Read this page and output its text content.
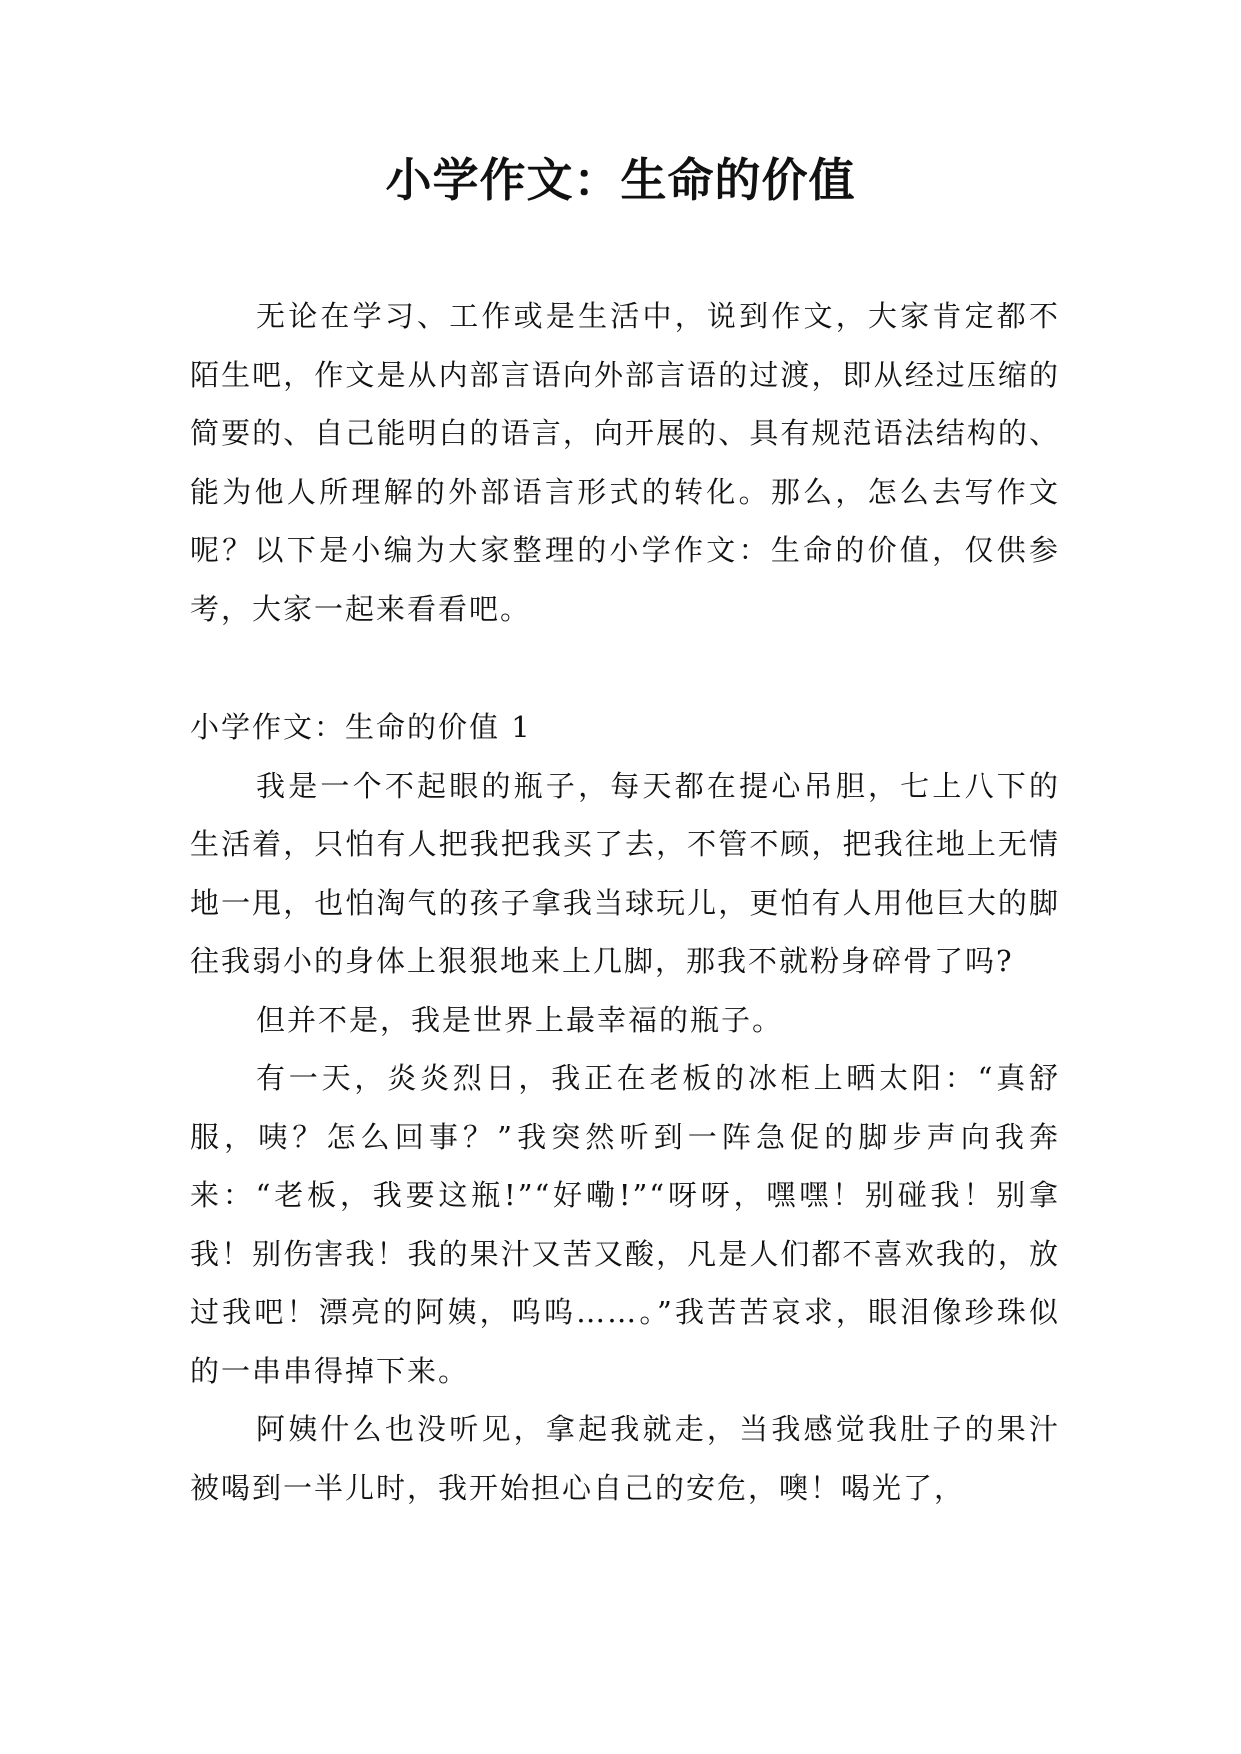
小学作文：生命的价值

无论在学习、工作或是生活中，说到作文，大家肯定都不陌生吧，作文是从内部言语向外部言语的过渡，即从经过压缩的简要的、自己能明白的语言，向开展的、具有规范语法结构的、能为他人所理解的外部语言形式的转化。那么，怎么去写作文呢？以下是小编为大家整理的小学作文：生命的价值，仅供参考，大家一起来看看吧。

小学作文：生命的价值 1

我是一个不起眼的瓶子，每天都在提心吊胆，七上八下的生活着，只怕有人把我把我买了去，不管不顾，把我往地上无情地一甩，也怕淘气的孩子拿我当球玩儿，更怕有人用他巨大的脚往我弱小的身体上狠狠地来上几脚，那我不就粉身碎骨了吗?

但并不是，我是世界上最幸福的瓶子。

有一天，炎炎烈日，我正在老板的冰柜上晒太阳：“真舒服，咦？怎么回事？”我突然听到一阵急促的脚步声向我奔来：“老板，我要这瓶!”“好嘞!”“呀呀，嘿嘿！别碰我！别拿我！别伤害我！我的果汁又苦又酸，凡是人们都不喜欢我的，放过我吧！漂亮的阿姨，呜呜……。”我苦苦哀求，眼泪像珍珠似的一串串得掉下来。

阿姨什么也没听见，拿起我就走，当我感觉我肚子的果汁被喝到一半儿时，我开始担心自己的安危，噢！喝光了，
